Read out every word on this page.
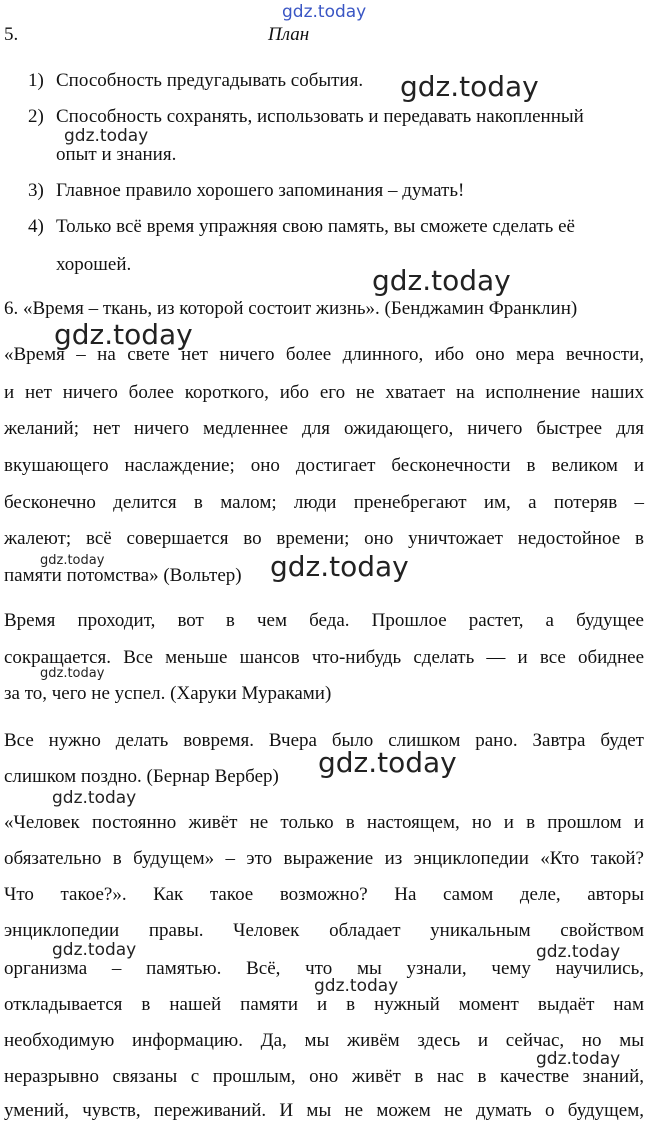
gdz.today
5.	План
1) Способность предугадывать события.
2) Способность сохранять, использовать и передавать накопленный
опыт и знания.
3) Главное правило хорошего запоминания – думать!
4) Только всё время упражняя свою память, вы сможете сделать её
хорошей.
6. «Время – ткань, из которой состоит жизнь». (Бенджамин Франклин)
«Время – на свете нет ничего более длинного, ибо оно мера вечности,
и нет ничего более короткого, ибо его не хватает на исполнение наших
желаний; нет ничего медленнее для ожидающего, ничего быстрее для
вкушающего наслаждение; оно достигает бесконечности в великом и
бесконечно делится в малом; люди пренебрегают им, а потеряв –
жалеют; всё совершается во времени; оно уничтожает недостойное в
памяти потомства» (Вольтер)
Время проходит, вот в чем беда. Прошлое растет, а будущее
сокращается. Все меньше шансов что-нибудь сделать — и все обиднее
за то, чего не успел. (Харуки Мураками)
Все нужно делать вовремя. Вчера было слишком рано. Завтра будет
слишком поздно. (Бернар Вербер)
«Человек постоянно живёт не только в настоящем, но и в прошлом и
обязательно в будущем» – это выражение из энциклопедии «Кто такой?
Что такое?». Как такое возможно? На самом деле, авторы
энциклопедии правы. Человек обладает уникальным свойством
организма – памятью. Всё, что мы узнали, чему научились,
откладывается в нашей памяти и в нужный момент выдаёт нам
необходимую информацию. Да, мы живём здесь и сейчас, но мы
неразрывно связаны с прошлым, оно живёт в нас в качестве знаний,
умений, чувств, переживаний. И мы не можем не думать о будущем,
gdz.today
gdz.today
gdz.today
gdz.today
gdz.today	gdz.today
gdz.today
gdz.today
gdz.today
gdz.today	gdz.today
gdz.today
gdz.today
